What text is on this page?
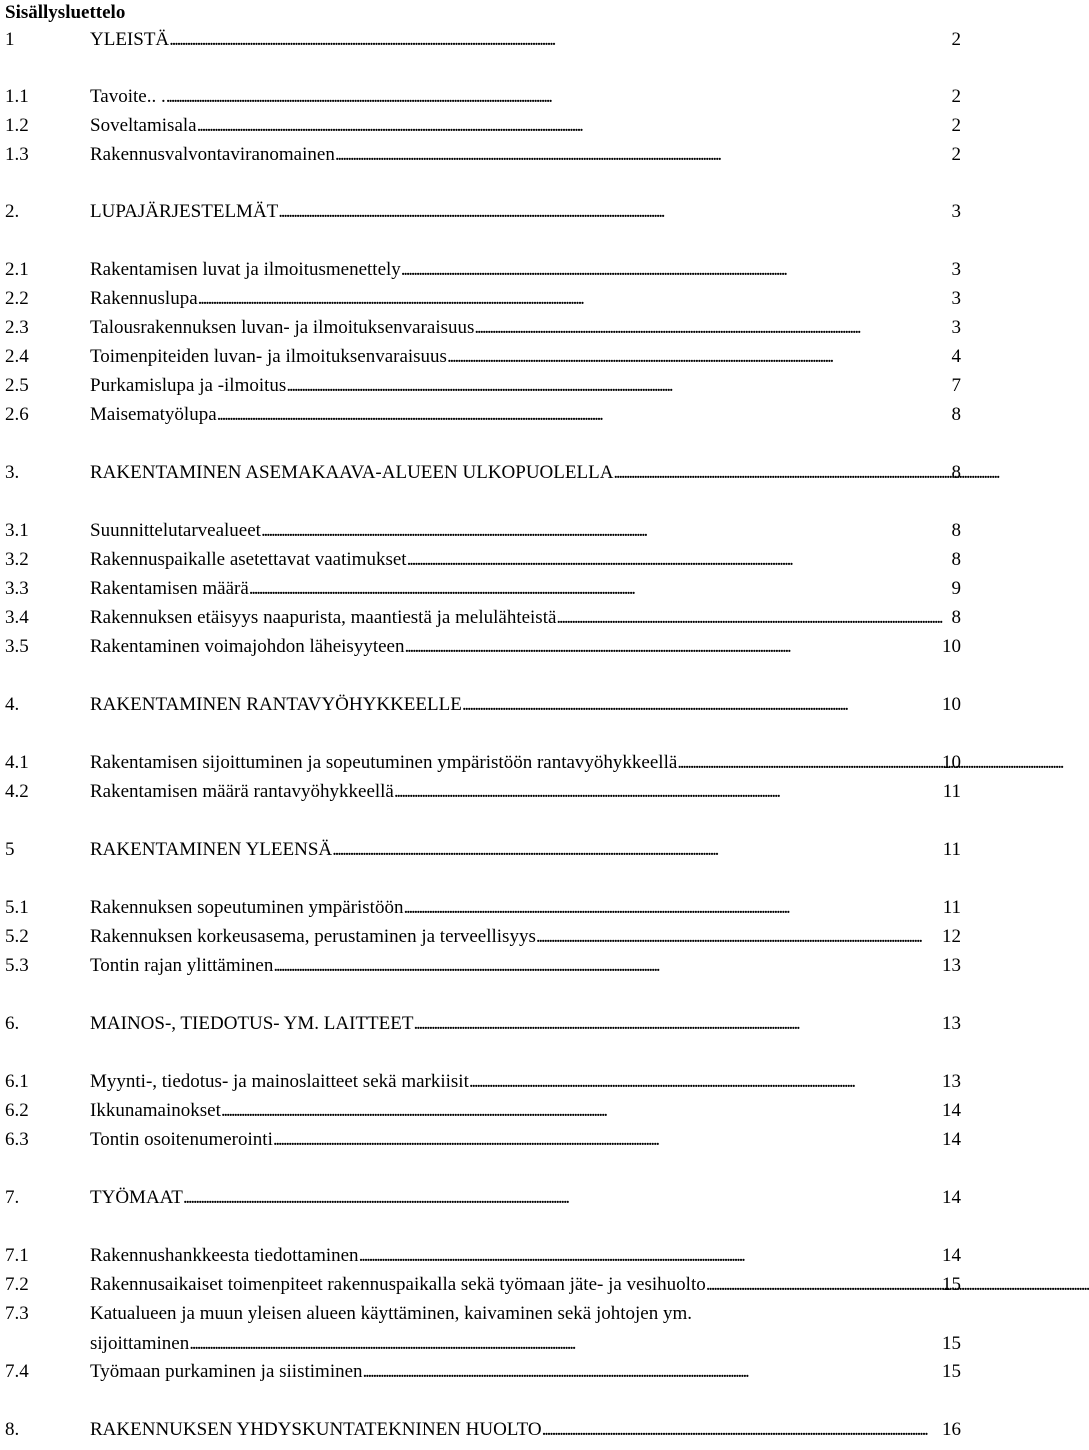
Sisällysluettelo
1	YLEISTÄ . . .	2
1.1	Tavoite.. . . . .	2
1.2	Soveltamisala . . .	2
1.3	Rakennusvalvontaviranomainen . . .	2
2.	LUPAJÄRJESTELMÄT . . .	3
2.1	Rakentamisen luvat ja ilmoitusmenettely . . .	3
2.2	Rakennuslupa . . .	3
2.3	Talousrakennuksen luvan- ja ilmoituksenvaraisuus . . .	3
2.4	Toimenpiteiden luvan- ja ilmoituksenvaraisuus . . .	4
2.5	Purkamislupa ja -ilmoitus . . .	7
2.6	Maisematyölupa . . .	8
3.	RAKENTAMINEN ASEMAKAAVA-ALUEEN ULKOPUOLELLA . . .	8
3.1	Suunnittelutarvealueet . . .	8
3.2	Rakennuspaikalle asetettavat vaatimukset . . .	8
3.3	Rakentamisen määrä . . .	9
3.4	Rakennuksen etäisyys naapurista, maantiestä ja melulähteistä . . .	8
3.5	Rakentaminen voimajohdon läheisyyteen . . .	10
4.	RAKENTAMINEN RANTAVYÖHYKKEELLE . . .	10
4.1	Rakentamisen sijoittuminen ja sopeutuminen ympäristöön rantavyöhykkeellä . . .	10
4.2	Rakentamisen määrä rantavyöhykkeellä . . .	11
5	RAKENTAMINEN YLEENSÄ . . .	11
5.1	Rakennuksen sopeutuminen ympäristöön . . .	11
5.2	Rakennuksen korkeusasema, perustaminen ja terveellisyys . . .	12
5.3	Tontin rajan ylittäminen . . .	13
6.	MAINOS-, TIEDOTUS- YM. LAITTEET . . .	13
6.1	Myynti-, tiedotus- ja mainoslaitteet sekä markiisit . . .	13
6.2	Ikkunamainokset . . .	14
6.3	Tontin osoitenumerointi . . .	14
7.	TYÖMAAT . . .	14
7.1	Rakennushankkeesta tiedottaminen . . .	14
7.2	Rakennusaikaiset toimenpiteet rakennuspaikalla sekä työmaan jäte- ja vesihuolto . . .	15
7.3	Katualueen ja muun yleisen alueen käyttäminen, kaivaminen sekä johtojen ym.
sijoittaminen . . .	15
7.4	Työmaan purkaminen ja siistiminen . . .	15
8.	RAKENNUKSEN YHDYSKUNTATEKNINEN HUOLTO . . .	16
